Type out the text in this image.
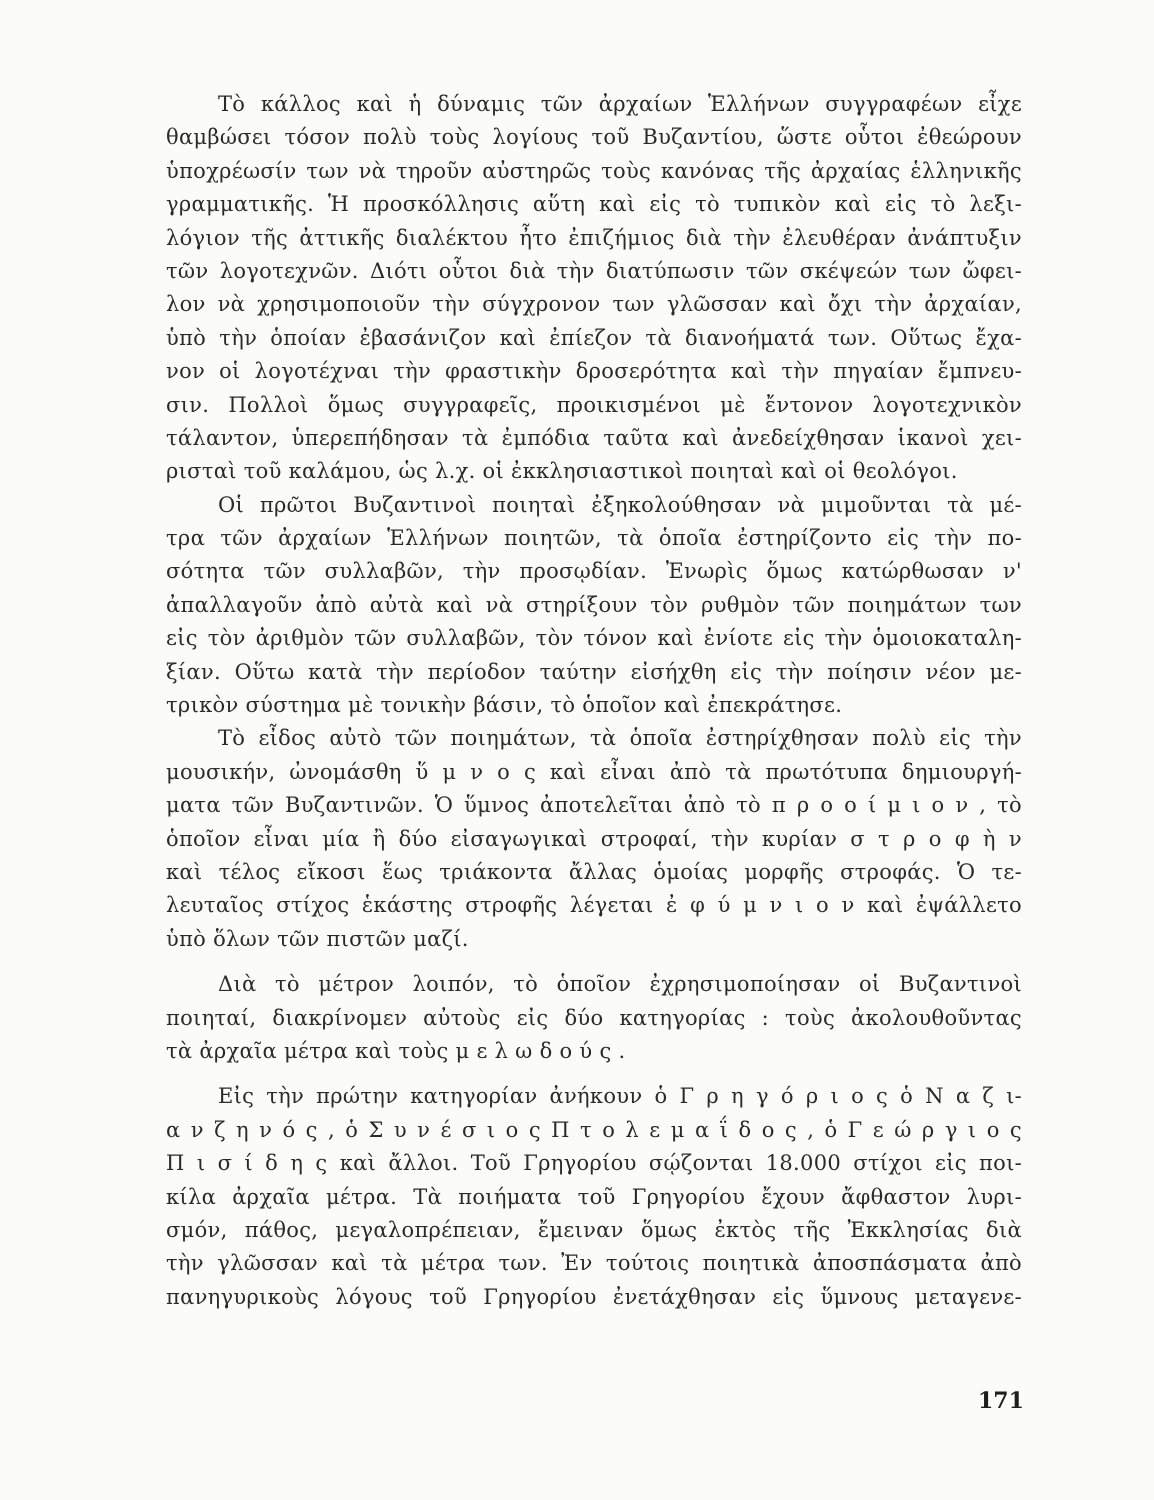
Τὸ κάλλος καὶ ἡ δύναμις τῶν ἀρχαίων Ἑλλήνων συγγραφέων εἶχε
θαμβώσει τόσον πολὺ τοὺς λογίους τοῦ Βυζαντίου, ὥστε οὗτοι ἐθεώρουν
ὑποχρέωσίν των νὰ τηροῦν αὐστηρῶς τοὺς κανόνας τῆς ἀρχαίας ἑλληνικῆς
γραμματικῆς. Ἡ προσκόλλησις αὕτη καὶ εἰς τὸ τυπικὸν καὶ εἰς τὸ λεξι-
λόγιον τῆς ἀττικῆς διαλέκτου ἦτο ἐπιζήμιος διὰ τὴν ἐλευθέραν ἀνάπτυξιν
τῶν λογοτεχνῶν. Διότι οὗτοι διὰ τὴν διατύπωσιν τῶν σκέψεών των ὤφει-
λον νὰ χρησιμοποιοῦν τὴν σύγχρονον των γλῶσσαν καὶ ὄχι τὴν ἀρχαίαν,
ὑπὸ τὴν ὁποίαν ἐβασάνιζον καὶ ἐπίεζον τὰ διανοήματά των. Οὕτως ἔχα-
νον οἱ λογοτέχναι τὴν φραστικὴν δροσερότητα καὶ τὴν πηγαίαν ἔμπνευ-
σιν. Πολλοὶ ὅμως συγγραφεῖς, προικισμένοι μὲ ἔντονον λογοτεχνικὸν
τάλαντον, ὑπερεπήδησαν τὰ ἐμπόδια ταῦτα καὶ ἀνεδείχθησαν ἱκανοὶ χει-
ρισταὶ τοῦ καλάμου, ὡς λ.χ. οἱ ἐκκλησιαστικοὶ ποιηταὶ καὶ οἱ θεολόγοι.
Οἱ πρῶτοι Βυζαντινοὶ ποιηταὶ ἐξηκολούθησαν νὰ μιμοῦνται τὰ μέ-
τρα τῶν ἀρχαίων Ἑλλήνων ποιητῶν, τὰ ὁποῖα ἐστηρίζοντο εἰς τὴν πο-
σότητα τῶν συλλαβῶν, τὴν προσῳδίαν. Ἐνωρὶς ὅμως κατώρθωσαν ν'
ἀπαλλαγοῦν ἀπὸ αὐτὰ καὶ νὰ στηρίξουν τὸν ρυθμὸν τῶν ποιημάτων των
εἰς τὸν ἀριθμὸν τῶν συλλαβῶν, τὸν τόνον καὶ ἐνίοτε εἰς τὴν ὁμοιοκαταλη-
ξίαν. Οὕτω κατὰ τὴν περίοδον ταύτην εἰσήχθη εἰς τὴν ποίησιν νέον με-
τρικὸν σύστημα μὲ τονικὴν βάσιν, τὸ ὁποῖον καὶ ἐπεκράτησε.
Τὸ εἶδος αὐτὸ τῶν ποιημάτων, τὰ ὁποῖα ἐστηρίχθησαν πολὺ εἰς τὴν
μουσικήν, ὠνομάσθη ὕ μ ν ο ς καὶ εἶναι ἀπὸ τὰ πρωτότυπα δημιουργή-
ματα τῶν Βυζαντινῶν. Ὁ ὕμνος ἀποτελεῖται ἀπὸ τὸ π ρ ο ο ί μ ι ο ν , τὸ
ὁποῖον εἶναι μία ἢ δύο εἰσαγωγικαὶ στροφαί, τὴν κυρίαν σ τ ρ ο φ ὴ ν
καὶ τέλος εἴκοσι ἕως τριάκοντα ἄλλας ὁμοίας μορφῆς στροφάς. Ὁ τε-
λευταῖος στίχος ἑκάστης στροφῆς λέγεται ἐ φ ύ μ ν ι ο ν καὶ ἐψάλλετο
ὑπὸ ὅλων τῶν πιστῶν μαζί.
Διὰ τὸ μέτρον λοιπόν, τὸ ὁποῖον ἐχρησιμοποίησαν οἱ Βυζαντινοὶ
ποιηταί, διακρίνομεν αὐτοὺς εἰς δύο κατηγορίας : τοὺς ἀκολουθοῦντας
τὰ ἀρχαῖα μέτρα καὶ τοὺς μ ε λ ω δ ο ύ ς .
Εἰς τὴν πρώτην κατηγορίαν ἀνήκουν ὁ Γ ρ η γ ό ρ ι ο ς ὁ Ν α ζ ι-
α ν ζ η ν ό ς , ὁ Σ υ ν έ σ ι ο ς Π τ ο λ ε μ α ΐ δ ο ς , ὁ Γ ε ώ ρ γ ι ο ς
Π ι σ ί δ η ς καὶ ἄλλοι. Τοῦ Γρηγορίου σῴζονται 18.000 στίχοι εἰς ποι-
κίλα ἀρχαῖα μέτρα. Τὰ ποιήματα τοῦ Γρηγορίου ἔχουν ἄφθαστον λυρι-
σμόν, πάθος, μεγαλοπρέπειαν, ἔμειναν ὅμως ἐκτὸς τῆς Ἐκκλησίας διὰ
τὴν γλῶσσαν καὶ τὰ μέτρα των. Ἐν τούτοις ποιητικὰ ἀποσπάσματα ἀπὸ
πανηγυρικοὺς λόγους τοῦ Γρηγορίου ἐνετάχθησαν εἰς ὕμνους μεταγενε-
171
